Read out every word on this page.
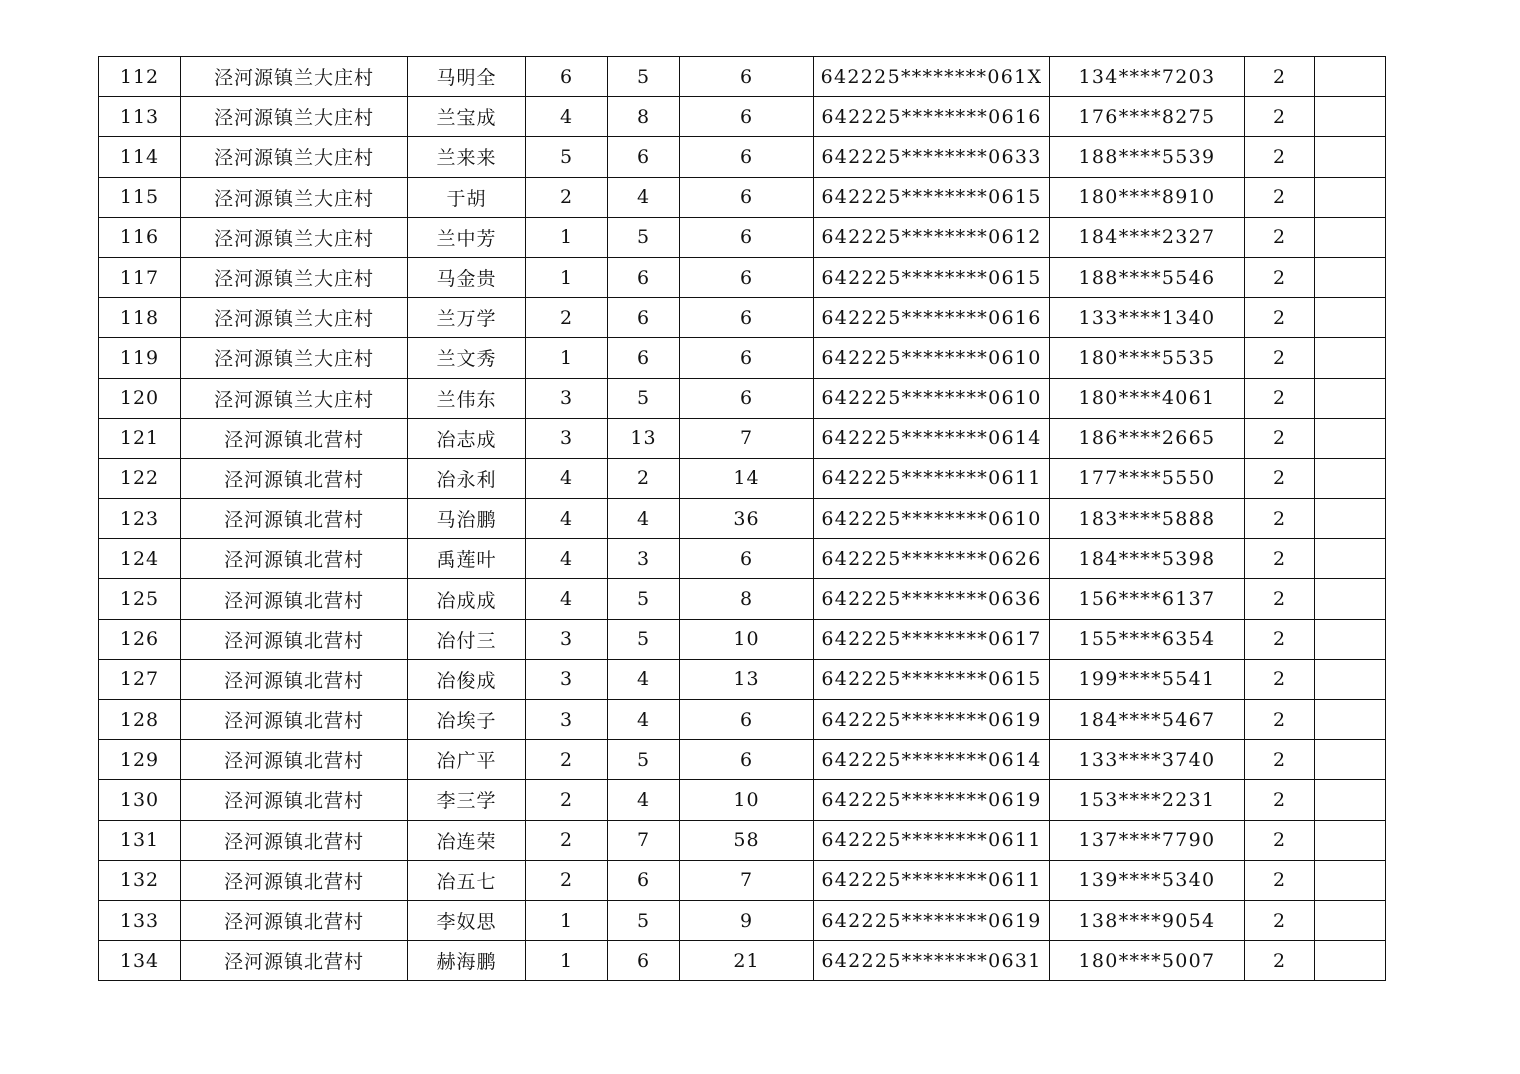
112	泾河源镇兰大庄村	马明全	6	5	6	642225********061X	134****7203	2	
113	泾河源镇兰大庄村	兰宝成	4	8	6	642225********0616	176****8275	2	
114	泾河源镇兰大庄村	兰来来	5	6	6	642225********0633	188****5539	2	
115	泾河源镇兰大庄村	于胡	2	4	6	642225********0615	180****8910	2	
116	泾河源镇兰大庄村	兰中芳	1	5	6	642225********0612	184****2327	2	
117	泾河源镇兰大庄村	马金贵	1	6	6	642225********0615	188****5546	2	
118	泾河源镇兰大庄村	兰万学	2	6	6	642225********0616	133****1340	2	
119	泾河源镇兰大庄村	兰文秀	1	6	6	642225********0610	180****5535	2	
120	泾河源镇兰大庄村	兰伟东	3	5	6	642225********0610	180****4061	2	
121	泾河源镇北营村	冶志成	3	13	7	642225********0614	186****2665	2	
122	泾河源镇北营村	冶永利	4	2	14	642225********0611	177****5550	2	
123	泾河源镇北营村	马治鹏	4	4	36	642225********0610	183****5888	2	
124	泾河源镇北营村	禹莲叶	4	3	6	642225********0626	184****5398	2	
125	泾河源镇北营村	冶成成	4	5	8	642225********0636	156****6137	2	
126	泾河源镇北营村	冶付三	3	5	10	642225********0617	155****6354	2	
127	泾河源镇北营村	冶俊成	3	4	13	642225********0615	199****5541	2	
128	泾河源镇北营村	冶埃子	3	4	6	642225********0619	184****5467	2	
129	泾河源镇北营村	冶广平	2	5	6	642225********0614	133****3740	2	
130	泾河源镇北营村	李三学	2	4	10	642225********0619	153****2231	2	
131	泾河源镇北营村	冶连荣	2	7	58	642225********0611	137****7790	2	
132	泾河源镇北营村	冶五七	2	6	7	642225********0611	139****5340	2	
133	泾河源镇北营村	李奴思	1	5	9	642225********0619	138****9054	2	
134	泾河源镇北营村	赫海鹏	1	6	21	642225********0631	180****5007	2	
